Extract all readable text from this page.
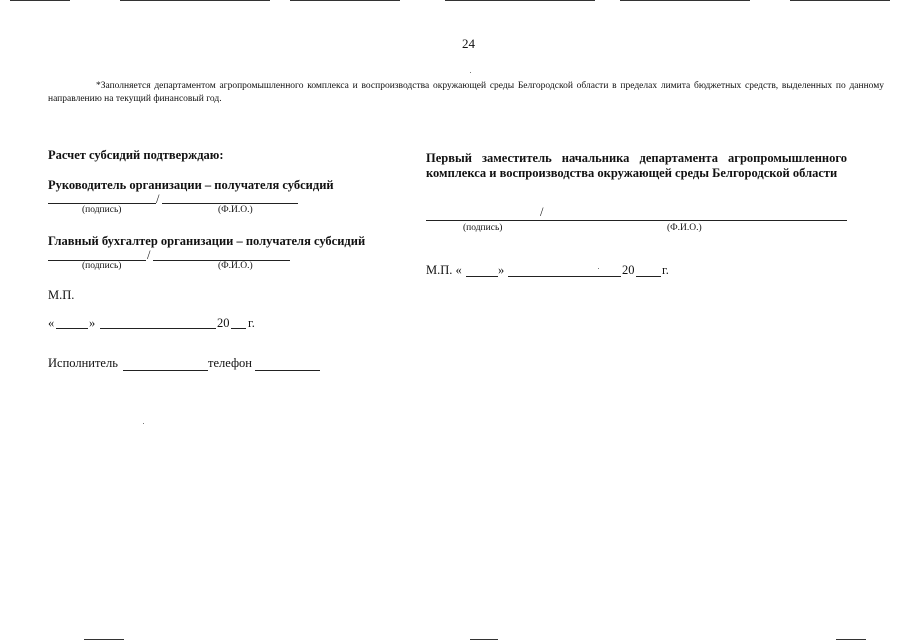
24
*Заполняется департаментом агропромышленного комплекса и воспроизводства окружающей среды Белгородской области в пределах лимита бюджетных средств, выделенных по данному направлению на текущий финансовый год.
Расчет субсидий подтверждаю:
Руководитель организации – получателя субсидий
/
(подпись)	(Ф.И.О.)
Главный бухгалтер организации – получателя субсидий
/
(подпись)	(Ф.И.О.)
М.П.
«	»	20 г.
Исполнитель	телефон
Первый заместитель начальника департамента агропромышленного комплекса и воспроизводства окружающей среды Белгородской области
/
(подпись)	(Ф.И.О.)
М.П. «	»	20 г.
